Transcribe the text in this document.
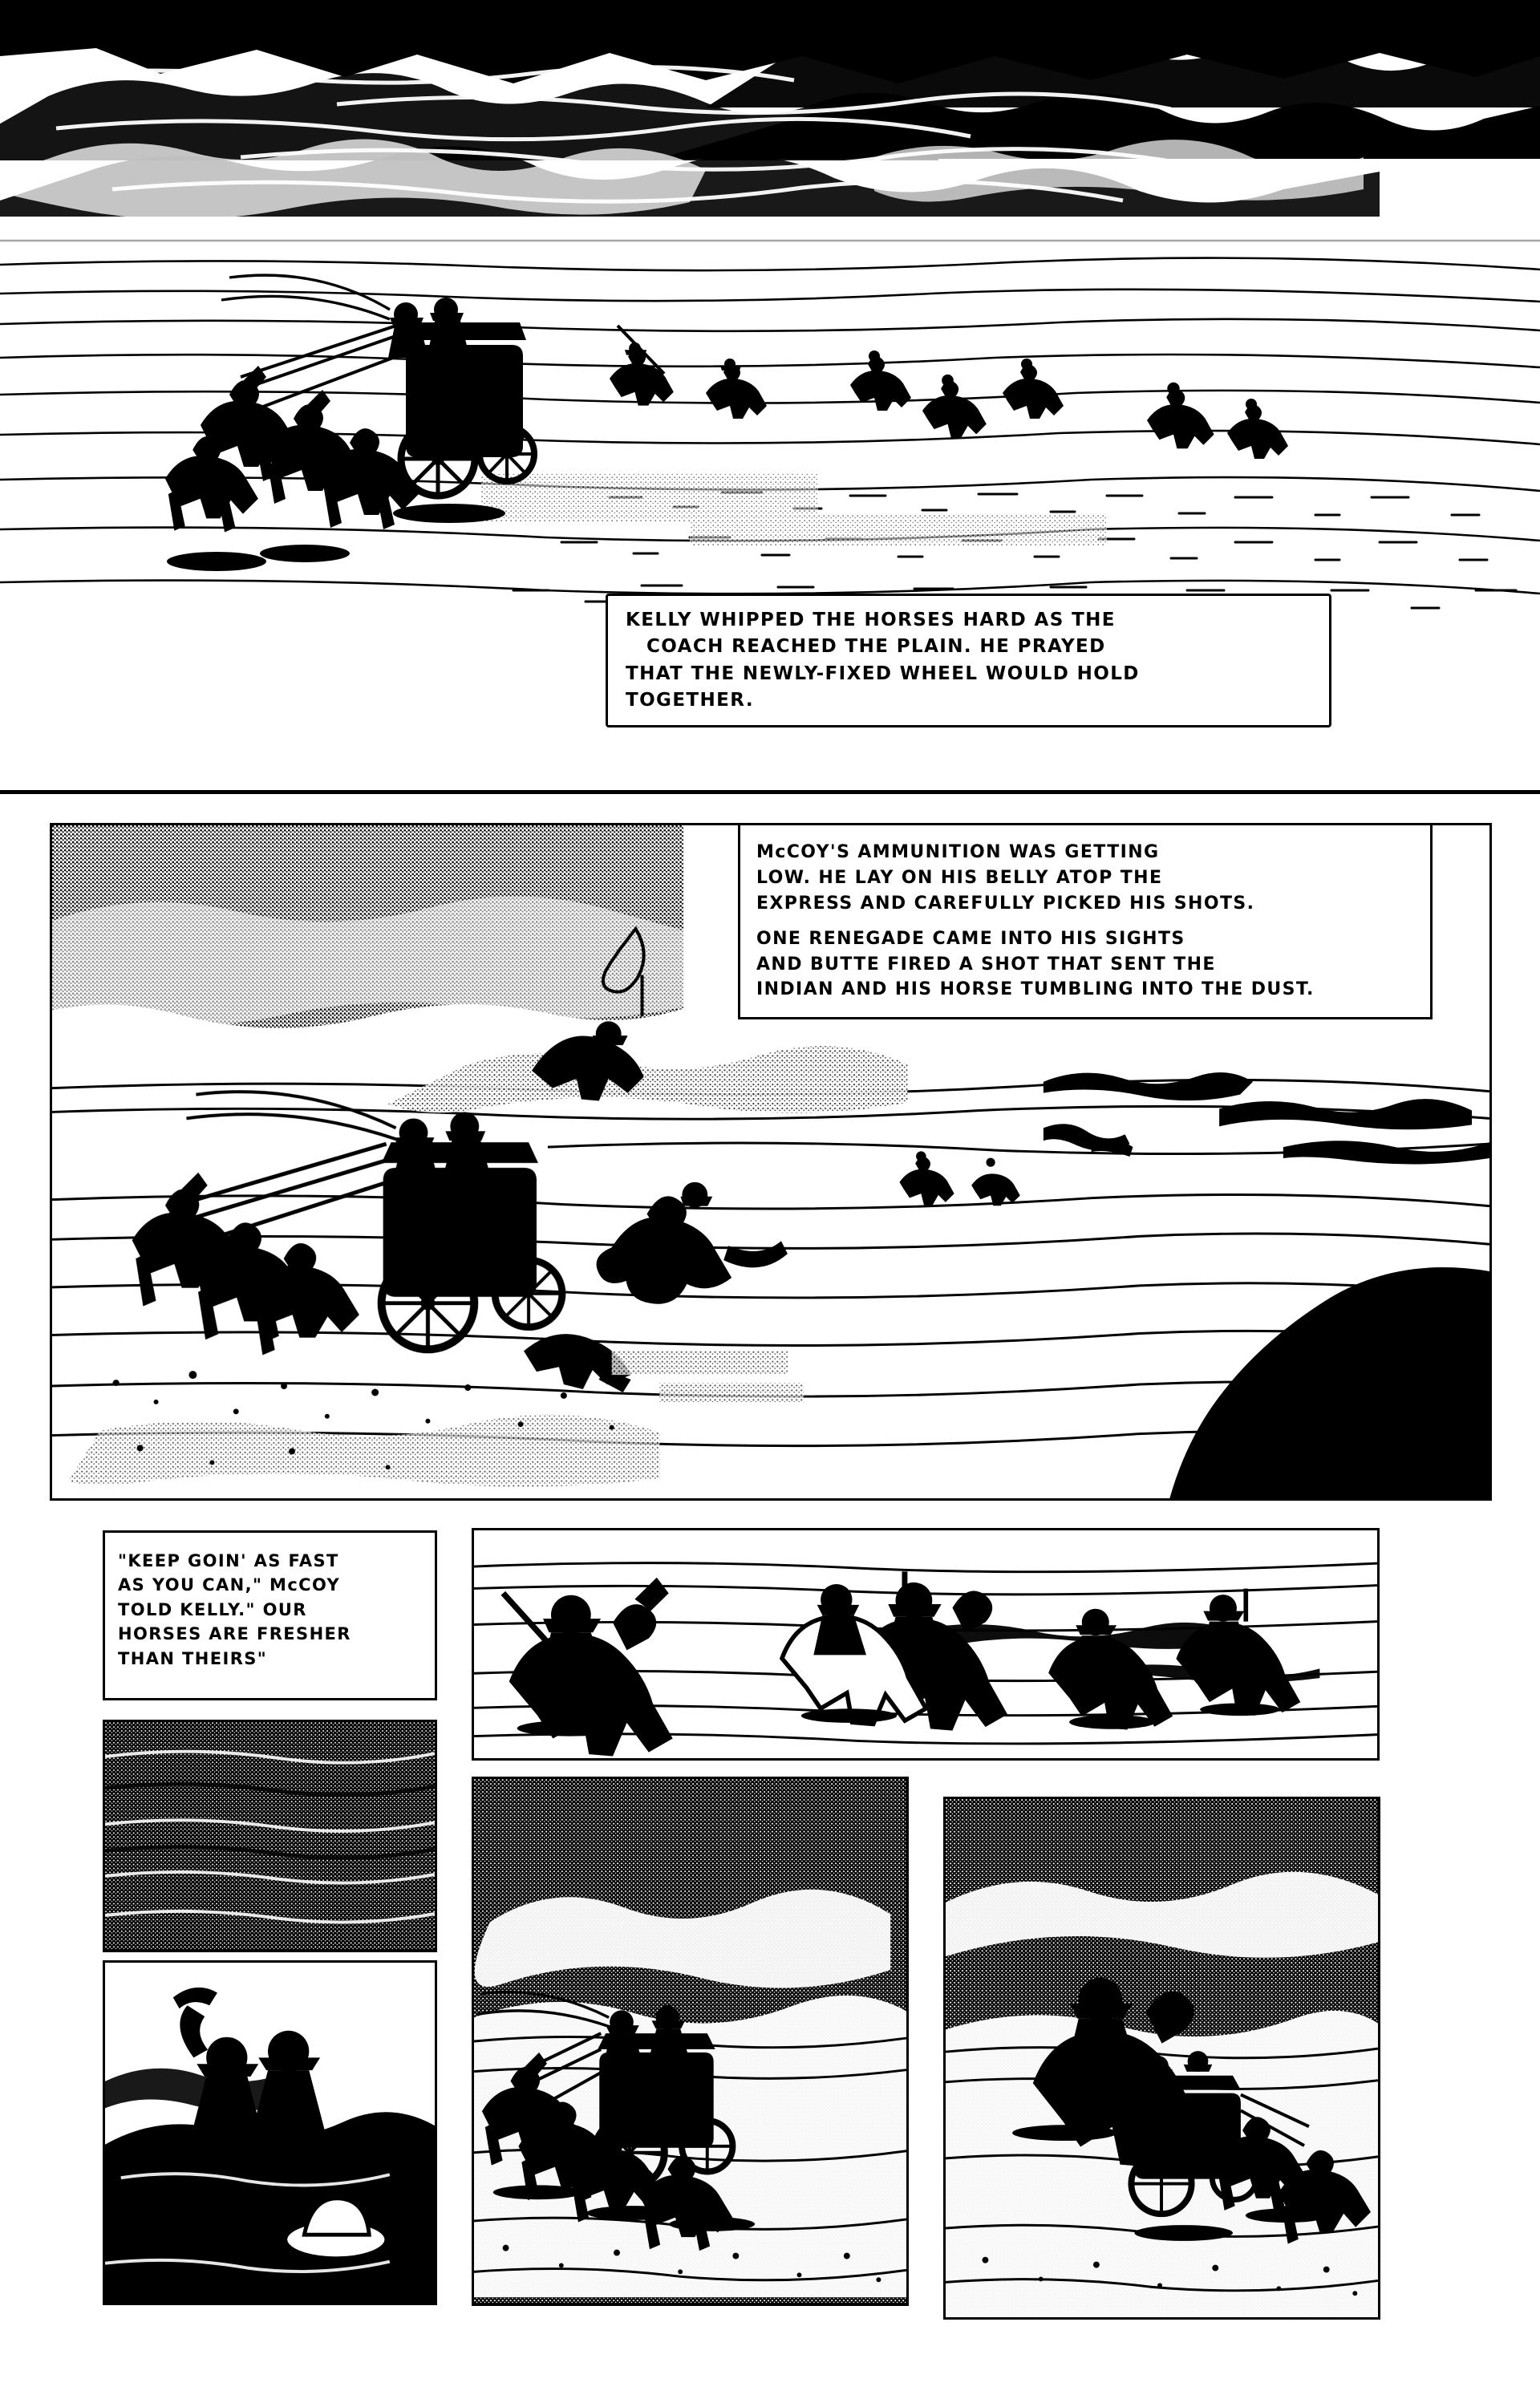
KELLY WHIPPED THE HORSES HARD AS THE
COACH REACHED THE PLAIN. HE PRAYED
THAT THE NEWLY-FIXED WHEEL WOULD HOLD
TOGETHER.

McCOY'S AMMUNITION WAS GETTING
LOW. HE LAY ON HIS BELLY ATOP THE
EXPRESS AND CAREFULLY PICKED HIS SHOTS.

ONE RENEGADE CAME INTO HIS SIGHTS
AND BUTTE FIRED A SHOT THAT SENT THE
INDIAN AND HIS HORSE TUMBLING INTO THE DUST.

"KEEP GOIN' AS FAST
AS YOU CAN," McCOY
TOLD KELLY." OUR
HORSES ARE FRESHER
THAN THEIRS"
